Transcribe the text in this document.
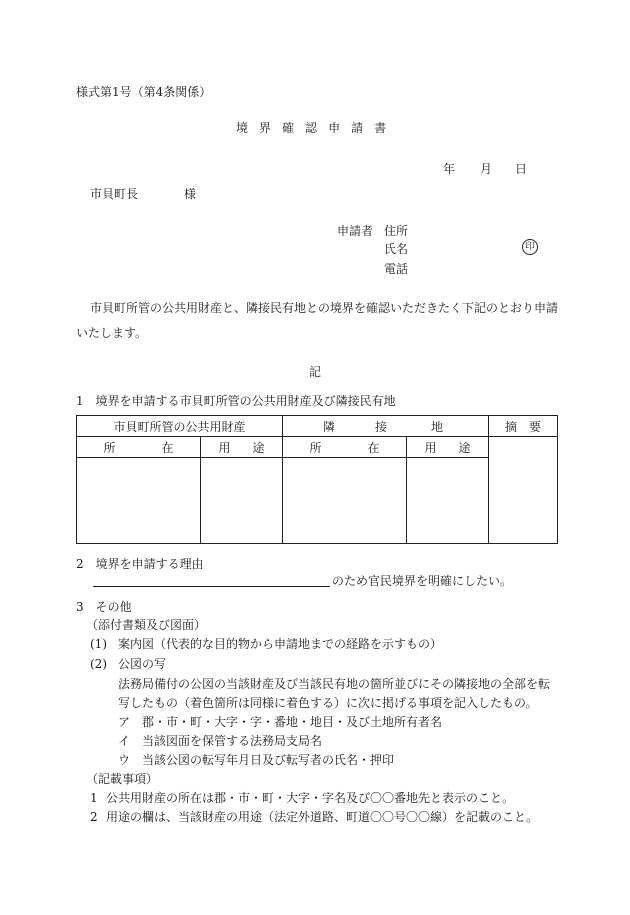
様式第1号（第4条関係）
境 界 確 認 申 請 書
年 月 日
市貝町長	様
申請者 住所
氏名	印
電話
市貝町所管の公共用財産と、隣接民有地との境界を確認いただきたく下記のとおり申請
いたします。
記
1　境界を申請する市貝町所管の公共用財産及び隣接民有地
市貝町所管の公共用財産		隣 接 地		摘 要
所 在	用 途	所 在	用 途	

2　境界を申請する理由
のため官民境界を明確にしたい。
3　その他
（添付書類及び図面）
(1) 案内図（代表的な目的物から申請地までの経路を示すもの）
(2) 公図の写
法務局備付の公図の当該財産及び当該民有地の箇所並びにその隣接地の全部を転
写したもの（着色箇所は同様に着色する）に次に掲げる事項を記入したもの。
ア 郡・市・町・大字・字・番地・地目・及び土地所有者名
イ 当該図面を保管する法務局支局名
ウ 当該公図の転写年月日及び転写者の氏名・押印
（記載事項）
1 公共用財産の所在は郡・市・町・大字・字名及び〇〇番地先と表示のこと。
2 用途の欄は、当該財産の用途（法定外道路、町道〇〇号〇〇線）を記載のこと。
